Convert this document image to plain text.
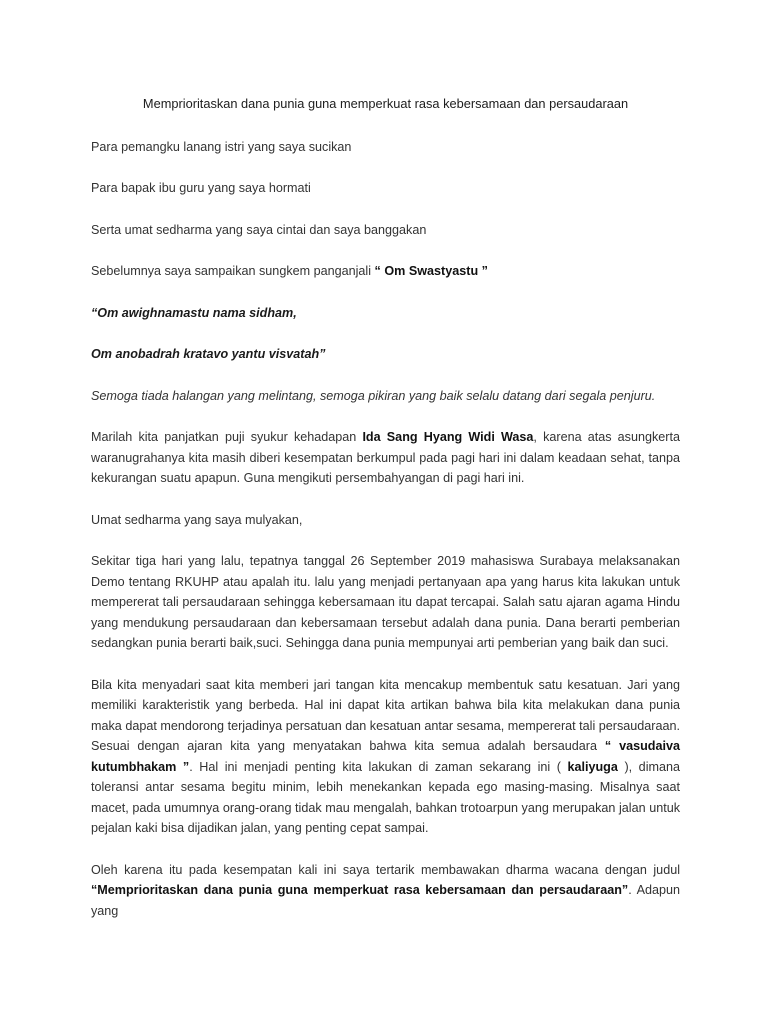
Memprioritaskan dana punia guna memperkuat rasa kebersamaan dan persaudaraan
Para pemangku lanang istri yang saya sucikan
Para bapak ibu guru yang saya hormati
Serta umat sedharma yang saya cintai dan saya banggakan
Sebelumnya saya sampaikan sungkem panganjali “ Om Swastyastu ”
“Om awighnamastu nama sidham,
Om anobadrah kratavo yantu visvatah”
Semoga tiada halangan yang melintang, semoga pikiran yang baik selalu datang dari segala penjuru.
Marilah kita panjatkan puji syukur kehadapan Ida Sang Hyang Widi Wasa, karena atas asungkerta waranugrahanya kita masih diberi kesempatan berkumpul pada pagi hari ini dalam keadaan sehat, tanpa kekurangan suatu apapun. Guna mengikuti persembahyangan di pagi hari ini.
Umat sedharma yang saya mulyakan,
Sekitar tiga hari yang lalu, tepatnya tanggal 26 September 2019 mahasiswa Surabaya melaksanakan Demo tentang RKUHP atau apalah itu. lalu yang menjadi pertanyaan apa yang harus kita lakukan untuk mempererat tali persaudaraan sehingga kebersamaan itu dapat tercapai. Salah satu ajaran agama Hindu yang mendukung persaudaraan dan kebersamaan tersebut adalah dana punia. Dana berarti pemberian sedangkan punia berarti baik,suci. Sehingga dana punia mempunyai arti pemberian yang baik dan suci.
Bila kita menyadari saat kita memberi jari tangan kita mencakup membentuk satu kesatuan. Jari yang memiliki karakteristik yang berbeda. Hal ini dapat kita artikan bahwa bila kita melakukan dana punia maka dapat mendorong terjadinya persatuan dan kesatuan antar sesama, mempererat tali persaudaraan. Sesuai dengan ajaran kita yang menyatakan bahwa kita semua adalah bersaudara “ vasudaiva kutumbhakam ”. Hal ini menjadi penting kita lakukan di zaman sekarang ini ( kaliyuga ), dimana toleransi antar sesama begitu minim, lebih menekankan kepada ego masing-masing. Misalnya saat macet, pada umumnya orang-orang tidak mau mengalah, bahkan trotoarpun yang merupakan jalan untuk pejalan kaki bisa dijadikan jalan, yang penting cepat sampai.
Oleh karena itu pada kesempatan kali ini saya tertarik membawakan dharma wacana dengan judul “Memprioritaskan dana punia guna memperkuat rasa kebersamaan dan persaudaraan”. Adapun yang
